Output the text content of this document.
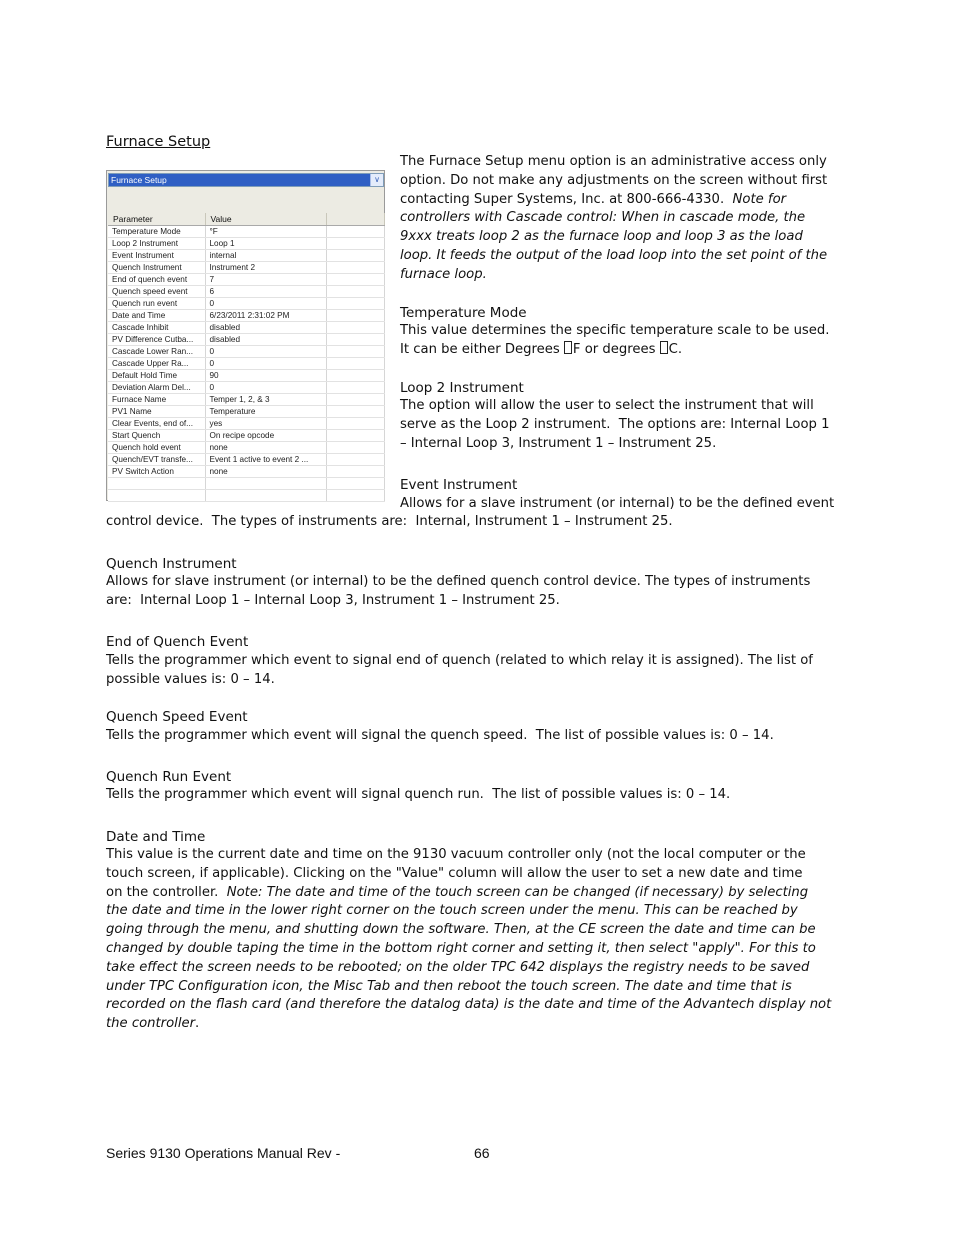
Furnace Setup
Furnace Setup	∨
Parameter	Value	
Temperature Mode	°F	
Loop 2 Instrument	Loop 1	
Event Instrument	internal	
Quench Instrument	Instrument 2	
End of quench event	7	
Quench speed event	6	
Quench run event	0	
Date and Time	6/23/2011 2:31:02 PM	
Cascade Inhibit	disabled	
PV Difference Cutba...	disabled	
Cascade Lower Ran...	0	
Cascade Upper Ra...	0	
Default Hold Time	90	
Deviation Alarm Del...	0	
Furnace Name	Temper 1, 2, & 3	
PV1 Name	Temperature	
Clear Events, end of...	yes	
Start Quench	On recipe opcode	
Quench hold event	none	
Quench/EVT transfe...	Event 1 active to event 2 ...	
PV Switch Action	none	

The Furnace Setup menu option is an administrative access only
option. Do not make any adjustments on the screen without first
contacting Super Systems, Inc. at 800-666-4330.  Note for
controllers with Cascade control: When in cascade mode, the
9xxx treats loop 2 as the furnace loop and loop 3 as the load
loop. It feeds the output of the load loop into the set point of the
furnace loop.
Temperature Mode
This value determines the specific temperature scale to be used.
It can be either Degrees F or degrees C.
Loop 2 Instrument
The option will allow the user to select the instrument that will
serve as the Loop 2 instrument.  The options are: Internal Loop 1
– Internal Loop 3, Instrument 1 – Instrument 25.
Event Instrument
Allows for a slave instrument (or internal) to be the defined event
control device.  The types of instruments are:  Internal, Instrument 1 – Instrument 25.
Quench Instrument
Allows for slave instrument (or internal) to be the defined quench control device. The types of instruments
are:  Internal Loop 1 – Internal Loop 3, Instrument 1 – Instrument 25.
End of Quench Event
Tells the programmer which event to signal end of quench (related to which relay it is assigned). The list of
possible values is: 0 – 14.
Quench Speed Event
Tells the programmer which event will signal the quench speed.  The list of possible values is: 0 – 14.
Quench Run Event
Tells the programmer which event will signal quench run.  The list of possible values is: 0 – 14.
Date and Time
This value is the current date and time on the 9130 vacuum controller only (not the local computer or the
touch screen, if applicable). Clicking on the "Value" column will allow the user to set a new date and time
on the controller.  Note: The date and time of the touch screen can be changed (if necessary) by selecting
the date and time in the lower right corner on the touch screen under the menu. This can be reached by
going through the menu, and shutting down the software. Then, at the CE screen the date and time can be
changed by double taping the time in the bottom right corner and setting it, then select "apply". For this to
take effect the screen needs to be rebooted; on the older TPC 642 displays the registry needs to be saved
under TPC Configuration icon, the Misc Tab and then reboot the touch screen. The date and time that is
recorded on the flash card (and therefore the datalog data) is the date and time of the Advantech display not
the controller.
Series 9130 Operations Manual Rev -	66
